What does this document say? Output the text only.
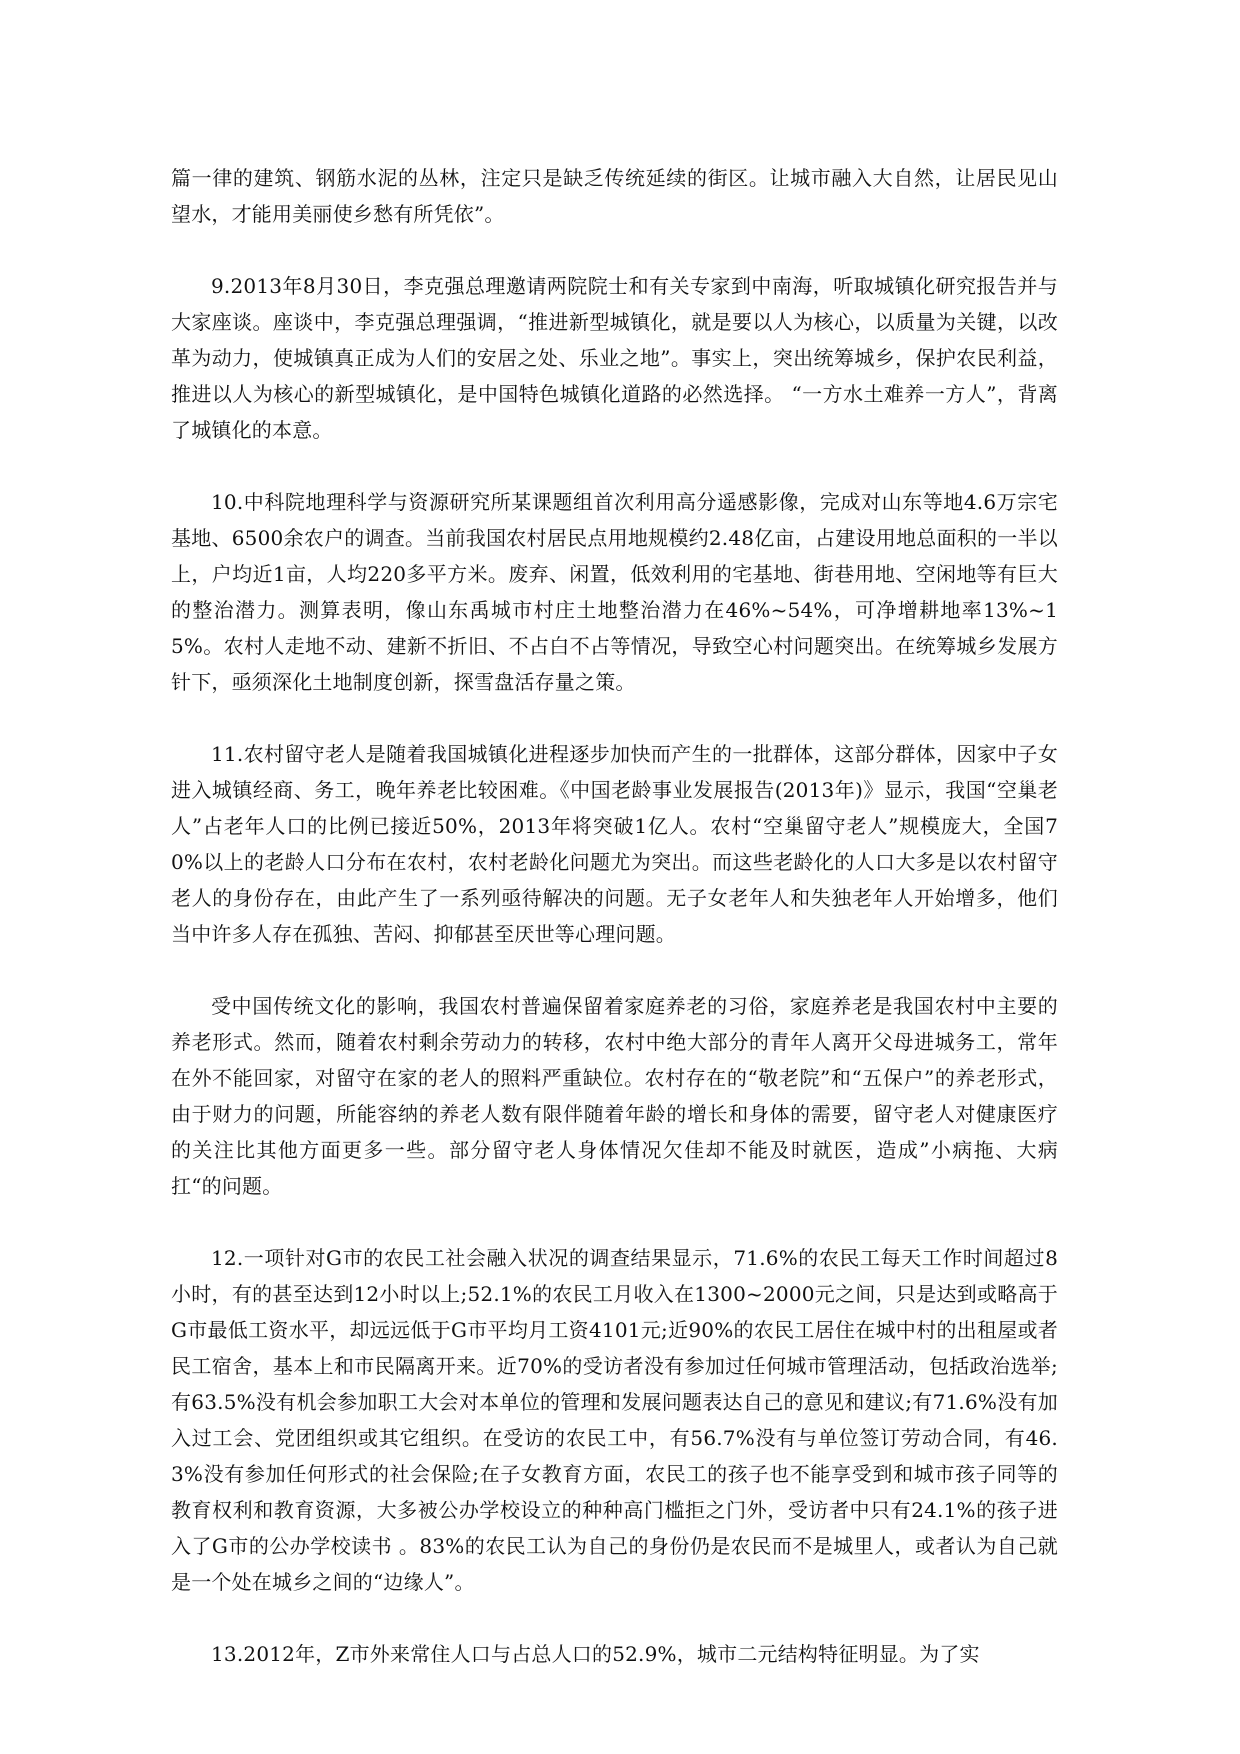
篇一律的建筑、钢筋水泥的丛林，注定只是缺乏传统延续的街区。让城市融入大自然，让居民见山望水，才能用美丽使乡愁有所凭依”。

9.2013年8月30日，李克强总理邀请两院院士和有关专家到中南海，听取城镇化研究报告并与大家座谈。座谈中，李克强总理强调，“推进新型城镇化，就是要以人为核心，以质量为关键，以改革为动力，使城镇真正成为人们的安居之处、乐业之地”。事实上，突出统筹城乡，保护农民利益，推进以人为核心的新型城镇化，是中国特色城镇化道路的必然选择。 “一方水土难养一方人”，背离了城镇化的本意。

10.中科院地理科学与资源研究所某课题组首次利用高分遥感影像，完成对山东等地4.6万宗宅基地、6500余农户的调查。当前我国农村居民点用地规模约2.48亿亩，占建设用地总面积的一半以上，户均近1亩，人均220多平方米。废弃、闲置，低效利用的宅基地、街巷用地、空闲地等有巨大的整治潜力。测算表明，像山东禹城市村庄土地整治潜力在46%~54%，可净增耕地率13%~15%。农村人走地不动、建新不折旧、不占白不占等情况，导致空心村问题突出。在统筹城乡发展方针下，亟须深化土地制度创新，探雪盘活存量之策。

11.农村留守老人是随着我国城镇化进程逐步加快而产生的一批群体，这部分群体，因家中子女进入城镇经商、务工，晚年养老比较困难。《中国老龄事业发展报告(2013年)》显示，我国“空巢老人”占老年人口的比例已接近50%，2013年将突破1亿人。农村“空巢留守老人”规模庞大，全国70%以上的老龄人口分布在农村，农村老龄化问题尤为突出。而这些老龄化的人口大多是以农村留守老人的身份存在，由此产生了一系列亟待解决的问题。无子女老年人和失独老年人开始增多，他们当中许多人存在孤独、苦闷、抑郁甚至厌世等心理问题。

受中国传统文化的影响，我国农村普遍保留着家庭养老的习俗，家庭养老是我国农村中主要的养老形式。然而，随着农村剩余劳动力的转移，农村中绝大部分的青年人离开父母进城务工，常年在外不能回家，对留守在家的老人的照料严重缺位。农村存在的“敬老院”和“五保户”的养老形式，由于财力的问题，所能容纳的养老人数有限伴随着年龄的增长和身体的需要，留守老人对健康医疗的关注比其他方面更多一些。部分留守老人身体情况欠佳却不能及时就医，造成”小病拖、大病扛“的问题。

12.一项针对G市的农民工社会融入状况的调查结果显示，71.6%的农民工每天工作时间超过8小时，有的甚至达到12小时以上;52.1%的农民工月收入在1300~2000元之间，只是达到或略高于G市最低工资水平，却远远低于G市平均月工资4101元;近90%的农民工居住在城中村的出租屋或者民工宿舍，基本上和市民隔离开来。近70%的受访者没有参加过任何城市管理活动，包括政治选举;有63.5%没有机会参加职工大会对本单位的管理和发展问题表达自己的意见和建议;有71.6%没有加入过工会、党团组织或其它组织。在受访的农民工中，有56.7%没有与单位签订劳动合同，有46.3%没有参加任何形式的社会保险;在子女教育方面，农民工的孩子也不能享受到和城市孩子同等的教育权利和教育资源，大多被公办学校设立的种种高门槛拒之门外，受访者中只有24.1%的孩子进入了G市的公办学校读书 。83%的农民工认为自己的身份仍是农民而不是城里人，或者认为自己就是一个处在城乡之间的“边缘人”。

13.2012年，Z市外来常住人口与占总人口的52.9%，城市二元结构特征明显。为了实
